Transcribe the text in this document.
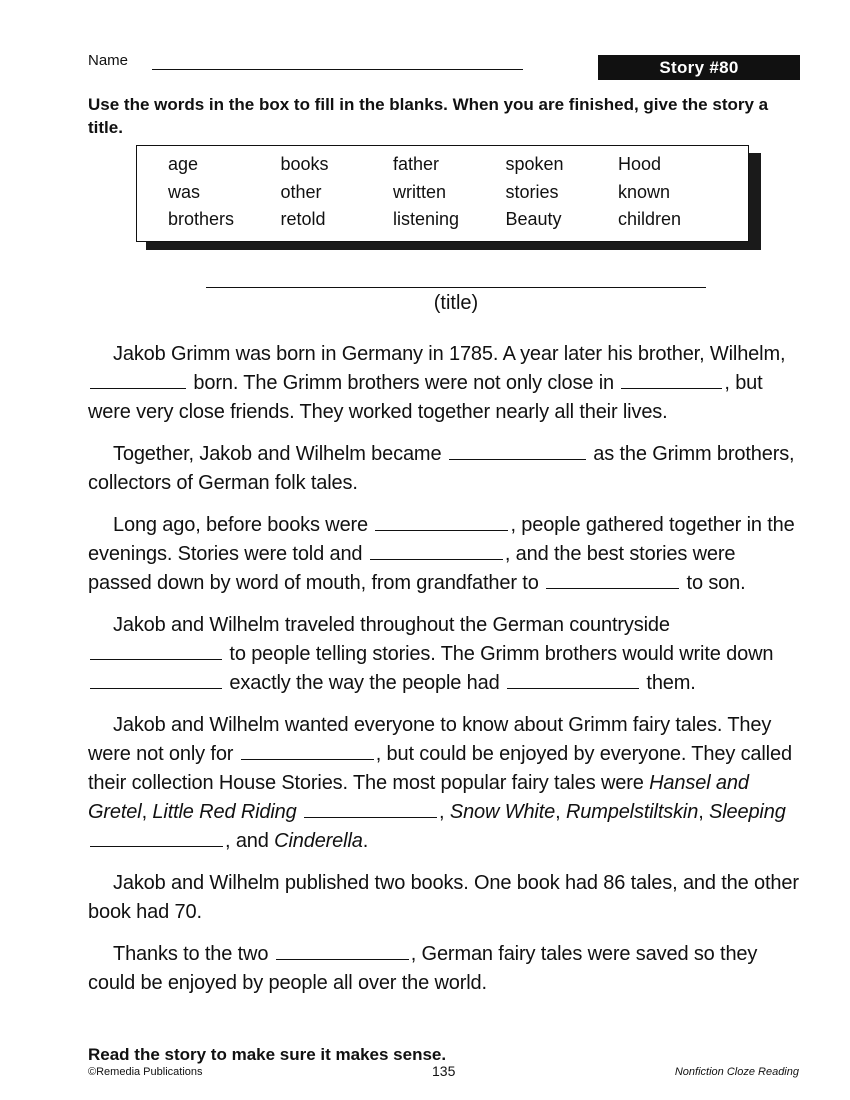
Name	Story #80
Use the words in the box to fill in the blanks. When you are finished, give the story a title.
age	books	father	spoken	Hood
was	other	written	stories	known
brothers	retold	listening	Beauty	children
(title)

Jakob Grimm was born in Germany in 1785. A year later his brother, Wilhelm,  born. The Grimm brothers were not only close in	, but were very close friends. They worked together nearly all their lives.

Together, Jakob and Wilhelm became	as the Grimm brothers, collectors of German folk tales.

Long ago, before books were	, people gathered together in the evenings. Stories were told and	, and the best stories were passed down by word of mouth, from grandfather to	to son.

Jakob and Wilhelm traveled throughout the German countryside  to people telling stories. The Grimm brothers would write down  exactly the way the people had	them.

Jakob and Wilhelm wanted everyone to know about Grimm fairy tales. They were not only for	, but could be enjoyed by everyone. They called their collection House Stories. The most popular fairy tales were Hansel and Gretel, Little Red Riding	, Snow White, Rumpelstiltskin, Sleeping , and Cinderella.

Jakob and Wilhelm published two books. One book had 86 tales, and the other book had 70.

Thanks to the two	, German fairy tales were saved so they could be enjoyed by people all over the world.

Read the story to make sure it makes sense.
©Remedia Publications	135	Nonfiction Cloze Reading
